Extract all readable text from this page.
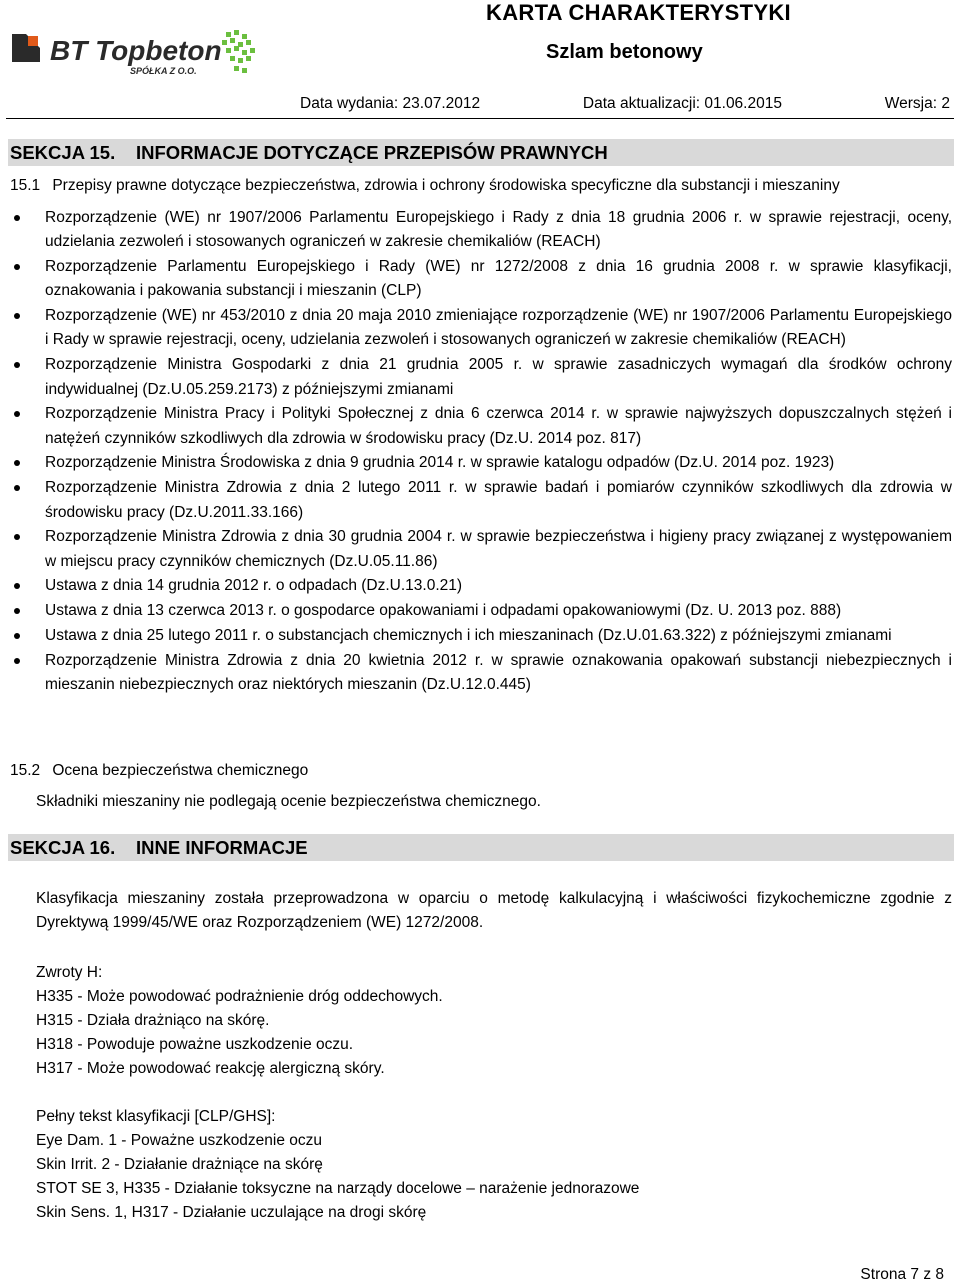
BT Topbeton
SPÓŁKA Z O.O.
KARTA CHARAKTERYSTYKI
Szlam betonowy
Data wydania: 23.07.2012	Data aktualizacji: 01.06.2015	Wersja: 2
SEKCJA 15.	INFORMACJE DOTYCZĄCE PRZEPISÓW PRAWNYCH
15.1 Przepisy prawne dotyczące bezpieczeństwa, zdrowia i ochrony środowiska specyficzne dla substancji i mieszaniny
Rozporządzenie (WE) nr 1907/2006 Parlamentu Europejskiego i Rady z dnia 18 grudnia 2006 r. w sprawie rejestracji, oceny, udzielania zezwoleń i stosowanych ograniczeń w zakresie chemikaliów (REACH)
Rozporządzenie Parlamentu Europejskiego i Rady (WE) nr 1272/2008 z dnia 16 grudnia 2008 r. w sprawie klasyfikacji, oznakowania i pakowania substancji i mieszanin (CLP)
Rozporządzenie (WE) nr 453/2010 z dnia 20 maja 2010 zmieniające rozporządzenie (WE) nr 1907/2006 Parlamentu Europejskiego i Rady w sprawie rejestracji, oceny, udzielania zezwoleń i stosowanych ograniczeń w zakresie chemikaliów (REACH)
Rozporządzenie Ministra Gospodarki z dnia 21 grudnia 2005 r. w sprawie zasadniczych wymagań dla środków ochrony indywidualnej (Dz.U.05.259.2173) z późniejszymi zmianami
Rozporządzenie Ministra Pracy i Polityki Społecznej z dnia 6 czerwca 2014 r. w sprawie najwyższych dopuszczalnych stężeń i natężeń czynników szkodliwych dla zdrowia w środowisku pracy (Dz.U. 2014 poz. 817)
Rozporządzenie Ministra Środowiska z dnia 9 grudnia 2014 r. w sprawie katalogu odpadów (Dz.U. 2014 poz. 1923)
Rozporządzenie Ministra Zdrowia z dnia 2 lutego 2011 r. w sprawie badań i pomiarów czynników szkodliwych dla zdrowia w środowisku pracy (Dz.U.2011.33.166)
Rozporządzenie Ministra Zdrowia z dnia 30 grudnia 2004 r. w sprawie bezpieczeństwa i higieny pracy związanej z występowaniem w miejscu pracy czynników chemicznych (Dz.U.05.11.86)
Ustawa z dnia 14 grudnia 2012 r. o odpadach (Dz.U.13.0.21)
Ustawa z dnia 13 czerwca 2013 r. o gospodarce opakowaniami i odpadami opakowaniowymi (Dz. U. 2013 poz. 888)
Ustawa z dnia 25 lutego 2011 r. o substancjach chemicznych i ich mieszaninach (Dz.U.01.63.322) z późniejszymi zmianami
Rozporządzenie Ministra Zdrowia z dnia 20 kwietnia 2012 r. w sprawie oznakowania opakowań substancji niebezpiecznych i mieszanin niebezpiecznych oraz niektórych mieszanin (Dz.U.12.0.445)
15.2 Ocena bezpieczeństwa chemicznego
Składniki mieszaniny nie podlegają ocenie bezpieczeństwa chemicznego.
SEKCJA 16.	INNE INFORMACJE
Klasyfikacja mieszaniny została przeprowadzona w oparciu o metodę kalkulacyjną i właściwości fizykochemiczne zgodnie z Dyrektywą 1999/45/WE oraz Rozporządzeniem (WE) 1272/2008.

Zwroty H:

H335 - Może powodować podrażnienie dróg oddechowych.

H315 - Działa drażniąco na skórę.

H318 - Powoduje poważne uszkodzenie oczu.

H317 - Może powodować reakcję alergiczną skóry.

Pełny tekst klasyfikacji [CLP/GHS]:

Eye Dam. 1 - Poważne uszkodzenie oczu

Skin Irrit. 2 - Działanie drażniące na skórę

STOT SE 3, H335 - Działanie toksyczne na narządy docelowe – narażenie jednorazowe

Skin Sens. 1, H317 - Działanie uczulające na drogi skórę

Strona 7 z 8
